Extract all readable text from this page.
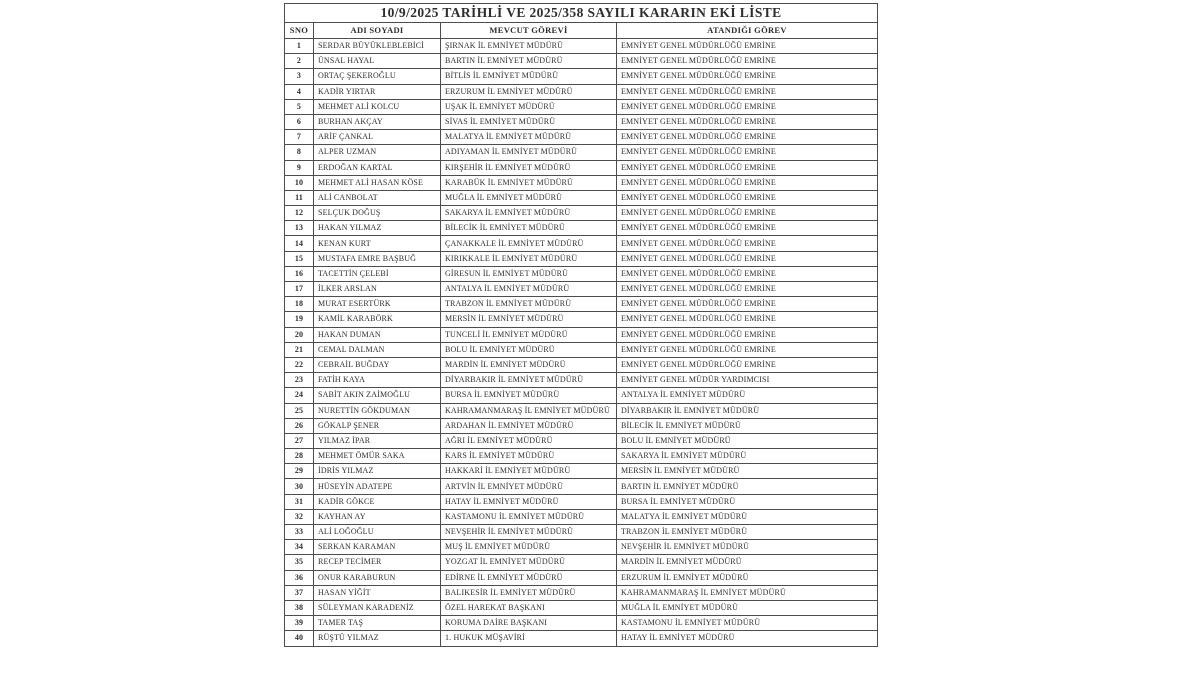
10/9/2025 TARİHLİ VE 2025/358 SAYILI KARARIN EKİ LİSTE			
SNO	ADI SOYADI	MEVCUT GÖREVİ	ATANDIĞI GÖREV
1	SERDAR BÜYÜKLEBLEBİCİ	ŞIRNAK İL EMNİYET MÜDÜRÜ	EMNİYET GENEL MÜDÜRLÜĞÜ EMRİNE
2	ÜNSAL HAYAL	BARTIN İL EMNİYET MÜDÜRÜ	EMNİYET GENEL MÜDÜRLÜĞÜ EMRİNE
3	ORTAÇ ŞEKEROĞLU	BİTLİS İL EMNİYET MÜDÜRÜ	EMNİYET GENEL MÜDÜRLÜĞÜ EMRİNE
4	KADİR YIRTAR	ERZURUM İL EMNİYET MÜDÜRÜ	EMNİYET GENEL MÜDÜRLÜĞÜ EMRİNE
5	MEHMET ALİ KOLCU	UŞAK İL EMNİYET MÜDÜRÜ	EMNİYET GENEL MÜDÜRLÜĞÜ EMRİNE
6	BURHAN AKÇAY	SİVAS İL EMNİYET MÜDÜRÜ	EMNİYET GENEL MÜDÜRLÜĞÜ EMRİNE
7	ARİF ÇANKAL	MALATYA İL EMNİYET MÜDÜRÜ	EMNİYET GENEL MÜDÜRLÜĞÜ EMRİNE
8	ALPER UZMAN	ADIYAMAN İL EMNİYET MÜDÜRÜ	EMNİYET GENEL MÜDÜRLÜĞÜ EMRİNE
9	ERDOĞAN KARTAL	KIRŞEHİR İL EMNİYET MÜDÜRÜ	EMNİYET GENEL MÜDÜRLÜĞÜ EMRİNE
10	MEHMET ALİ HASAN KÖSE	KARABÜK İL EMNİYET MÜDÜRÜ	EMNİYET GENEL MÜDÜRLÜĞÜ EMRİNE
11	ALİ CANBOLAT	MUĞLA İL EMNİYET MÜDÜRÜ	EMNİYET GENEL MÜDÜRLÜĞÜ EMRİNE
12	SELÇUK DOĞUŞ	SAKARYA İL EMNİYET MÜDÜRÜ	EMNİYET GENEL MÜDÜRLÜĞÜ EMRİNE
13	HAKAN YILMAZ	BİLECİK İL EMNİYET MÜDÜRÜ	EMNİYET GENEL MÜDÜRLÜĞÜ EMRİNE
14	KENAN KURT	ÇANAKKALE İL EMNİYET MÜDÜRÜ	EMNİYET GENEL MÜDÜRLÜĞÜ EMRİNE
15	MUSTAFA EMRE BAŞBUĞ	KIRIKKALE İL EMNİYET MÜDÜRÜ	EMNİYET GENEL MÜDÜRLÜĞÜ EMRİNE
16	TACETTİN ÇELEBİ	GİRESUN İL EMNİYET MÜDÜRÜ	EMNİYET GENEL MÜDÜRLÜĞÜ EMRİNE
17	İLKER ARSLAN	ANTALYA İL EMNİYET MÜDÜRÜ	EMNİYET GENEL MÜDÜRLÜĞÜ EMRİNE
18	MURAT ESERTÜRK	TRABZON İL EMNİYET MÜDÜRÜ	EMNİYET GENEL MÜDÜRLÜĞÜ EMRİNE
19	KAMİL KARABÖRK	MERSİN İL EMNİYET MÜDÜRÜ	EMNİYET GENEL MÜDÜRLÜĞÜ EMRİNE
20	HAKAN DUMAN	TUNCELİ İL EMNİYET MÜDÜRÜ	EMNİYET GENEL MÜDÜRLÜĞÜ EMRİNE
21	CEMAL DALMAN	BOLU İL EMNİYET MÜDÜRÜ	EMNİYET GENEL MÜDÜRLÜĞÜ EMRİNE
22	CEBRAİL BUĞDAY	MARDİN İL EMNİYET MÜDÜRÜ	EMNİYET GENEL MÜDÜRLÜĞÜ EMRİNE
23	FATİH KAYA	DİYARBAKIR İL EMNİYET MÜDÜRÜ	EMNİYET GENEL MÜDÜR YARDIMCISI
24	SABİT AKIN ZAİMOĞLU	BURSA İL EMNİYET MÜDÜRÜ	ANTALYA İL EMNİYET MÜDÜRÜ
25	NURETTİN GÖKDUMAN	KAHRAMANMARAŞ İL EMNİYET MÜDÜRÜ	DİYARBAKIR İL EMNİYET MÜDÜRÜ
26	GÖKALP ŞENER	ARDAHAN İL EMNİYET MÜDÜRÜ	BİLECİK İL EMNİYET MÜDÜRÜ
27	YILMAZ İPAR	AĞRI İL EMNİYET MÜDÜRÜ	BOLU İL EMNİYET MÜDÜRÜ
28	MEHMET ÖMÜR SAKA	KARS İL EMNİYET MÜDÜRÜ	SAKARYA İL EMNİYET MÜDÜRÜ
29	İDRİS YILMAZ	HAKKARİ İL EMNİYET MÜDÜRÜ	MERSİN İL EMNİYET MÜDÜRÜ
30	HÜSEYİN ADATEPE	ARTVİN İL EMNİYET MÜDÜRÜ	BARTIN İL EMNİYET MÜDÜRÜ
31	KADİR GÖKCE	HATAY İL EMNİYET MÜDÜRÜ	BURSA İL EMNİYET MÜDÜRÜ
32	KAYHAN AY	KASTAMONU İL EMNİYET MÜDÜRÜ	MALATYA İL EMNİYET MÜDÜRÜ
33	ALİ LOĞOĞLU	NEVŞEHİR İL EMNİYET MÜDÜRÜ	TRABZON İL EMNİYET MÜDÜRÜ
34	SERKAN KARAMAN	MUŞ İL EMNİYET MÜDÜRÜ	NEVŞEHİR İL EMNİYET MÜDÜRÜ
35	RECEP TECİMER	YOZGAT İL EMNİYET MÜDÜRÜ	MARDİN İL EMNİYET MÜDÜRÜ
36	ONUR KARABURUN	EDİRNE İL EMNİYET MÜDÜRÜ	ERZURUM İL EMNİYET MÜDÜRÜ
37	HASAN YİĞİT	BALIKESİR İL EMNİYET MÜDÜRÜ	KAHRAMANMARAŞ İL EMNİYET MÜDÜRÜ
38	SÜLEYMAN KARADENİZ	ÖZEL HAREKAT BAŞKANI	MUĞLA İL EMNİYET MÜDÜRÜ
39	TAMER TAŞ	KORUMA DAİRE BAŞKANI	KASTAMONU İL EMNİYET MÜDÜRÜ
40	RÜŞTÜ YILMAZ	1. HUKUK MÜŞAVİRİ	HATAY İL EMNİYET MÜDÜRÜ
